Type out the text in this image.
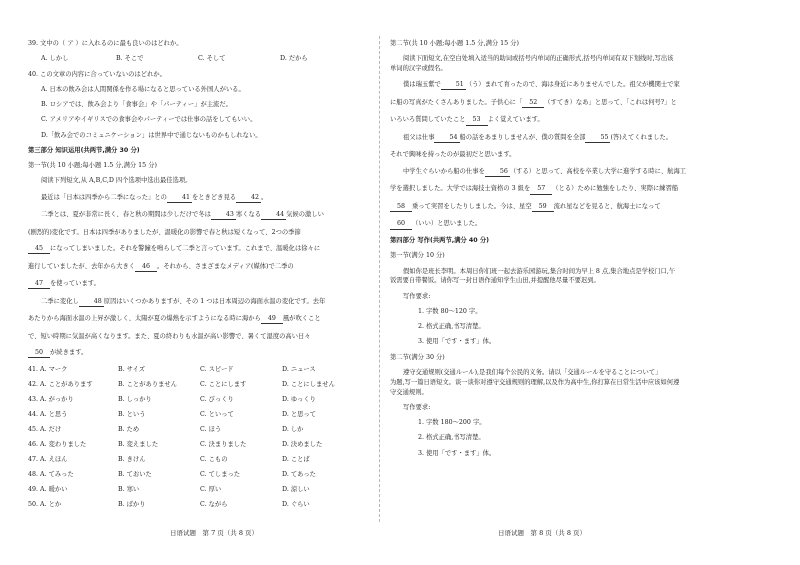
39. 文中の（ ア ）に入れるのに最も良いのはどれか。

A. しかし	B. そこで	C. そして	D. だから

40. この文章の内容に合っていないのはどれか。

A. 日本の飲み会は人間関係を作る場になると思っている外国人がいる。

B. ロシアでは、飲み会より「食事会」や「パーティー」が主流だ。

C. アメリアやイギリスでの食事会やパーティーでは仕事の話をしてもいい。

D.「飲み会でのコミュニケーション」は世界中で通じないものかもしれない。

第三部分 知识运用(共两节,满分 30 分)

第一节(共 10 小题;每小题 1.5 分,满分 15 分)

阅读下列短文,从 A,B,C,D 四个选项中选出最佳选项。

最近は「日本は四季から二季になった」との 41 をときどき見る 42 。

二季とは、夏が非常に長く、春と秋の期間は少しだけで冬は 43 寒くなる 44 気候の激しい

(剧烈的)変化です。日本は四季がありましたが、温暖化の影響で春と秋は短くなって、2つの季節

45 になってしまいました。それを警鐘を鳴らして二季と言っています。これまで、温暖化は徐々に

進行していましたが、去年から大きく 46 。それから、さまざまなメディア(媒体)で二季の

47 を使っています。

二季に変化し 48 原因はいくつかありますが、その 1 つは日本周辺の海面水温の変化です。去年

あたりから海面水温の上昇が激しく、太陽が夏の爆熱を示すようになる時に海から 49 風が吹くこと

で、短い時期に気温が高くなります。また、夏の終わりも水温が高い影響で、暑くて湿度の高い日々

50 が続きます。

41. A. マーク	B. サイズ	C. スピード	D. ニュース
42. A. ことがあります	B. ことがありません	C. ことにします	D. ことにしません
43. A. がっかり	B. しっかり	C. びっくり	D. ゆっくり
44. A. と思う	B. という	C. といって	D. と思って
45. A. だけ	B. ため	C. ほう	D. しか
46. A. 変わりました	B. 変えました	C. 決まりました	D. 決めました
47. A. えほん	B. きけん	C. こもの	D. ことば
48. A. てみった	B. ておいた	C. てしまった	D. てあった
49. A. 暖かい	B. 寒い	C. 厚い	D. 涼しい
50. A. とか	B. ばかり	C. ながら	D. ぐらい
日语试题　第 7 页（共 8 页）

第二节(共 10 小题;每小题 1.5 分,满分 15 分)

阅读下面短文,在空白处填入适当的助词或括号内单词的正确形式,括号内单词有双下划线时,写出该

单词的汉字或假名。

僕は瑞玉紫で 51 （う）まれて育ったので、海は身近にありませんでした。祖父が機関士で家

に船の写真がたくさんありました。子供心に「 52 （すてき）なあ」と思って、「これは何号?」と

いろいろ質問していたこと 53 よく覚えています。

祖父は仕事 54 船の話をあまりしませんが、僕の質問を全部 55 (答)えてくれました。

それで興味を持ったのが最初だと思います。

中学生ぐらいから船の仕事を 56 （する）と思って、高校を卒業し大学に進学する時に、航海工

学を選択しました。大学では海技士資格の 3 級を 57 （とる）ために勉強をしたり、実際に練習船

58 乗って実習をしたりしました。今は、星空 59 流れ星などを見ると、航海士になって

60 （いい）と思いました。

第四部分 写作(共两节,满分 40 分)

第一节(满分 10 分)

假如你是班长李明。本周日你们班一起去游乐园游玩,集合时间为早上 8 点,集合地点是学校门口,午

饭需要自带餐饭。请你写一封日语作通知学生山田,并提醒他尽量不要迟到。

写作要求:

1. 字数 80～120 字。

2. 格式正确,书写清楚。

3. 使用「です・ます」体。

第二节(满分 30 分)

遵守交通规则(交通ルール),是我们每个公民的义务。请以「交通ルールを守ることについて」

为题,写一篇日语短文。谈一谈你对遵守交通规则的理解,以及作为高中生,你打算在日常生活中应该如何遵

守交通规则。

写作要求:

1. 字数 180～200 字。

2. 格式正确,书写清楚。

3. 使用「です・ます」体。

日语试题　第 8 页（共 8 页）
